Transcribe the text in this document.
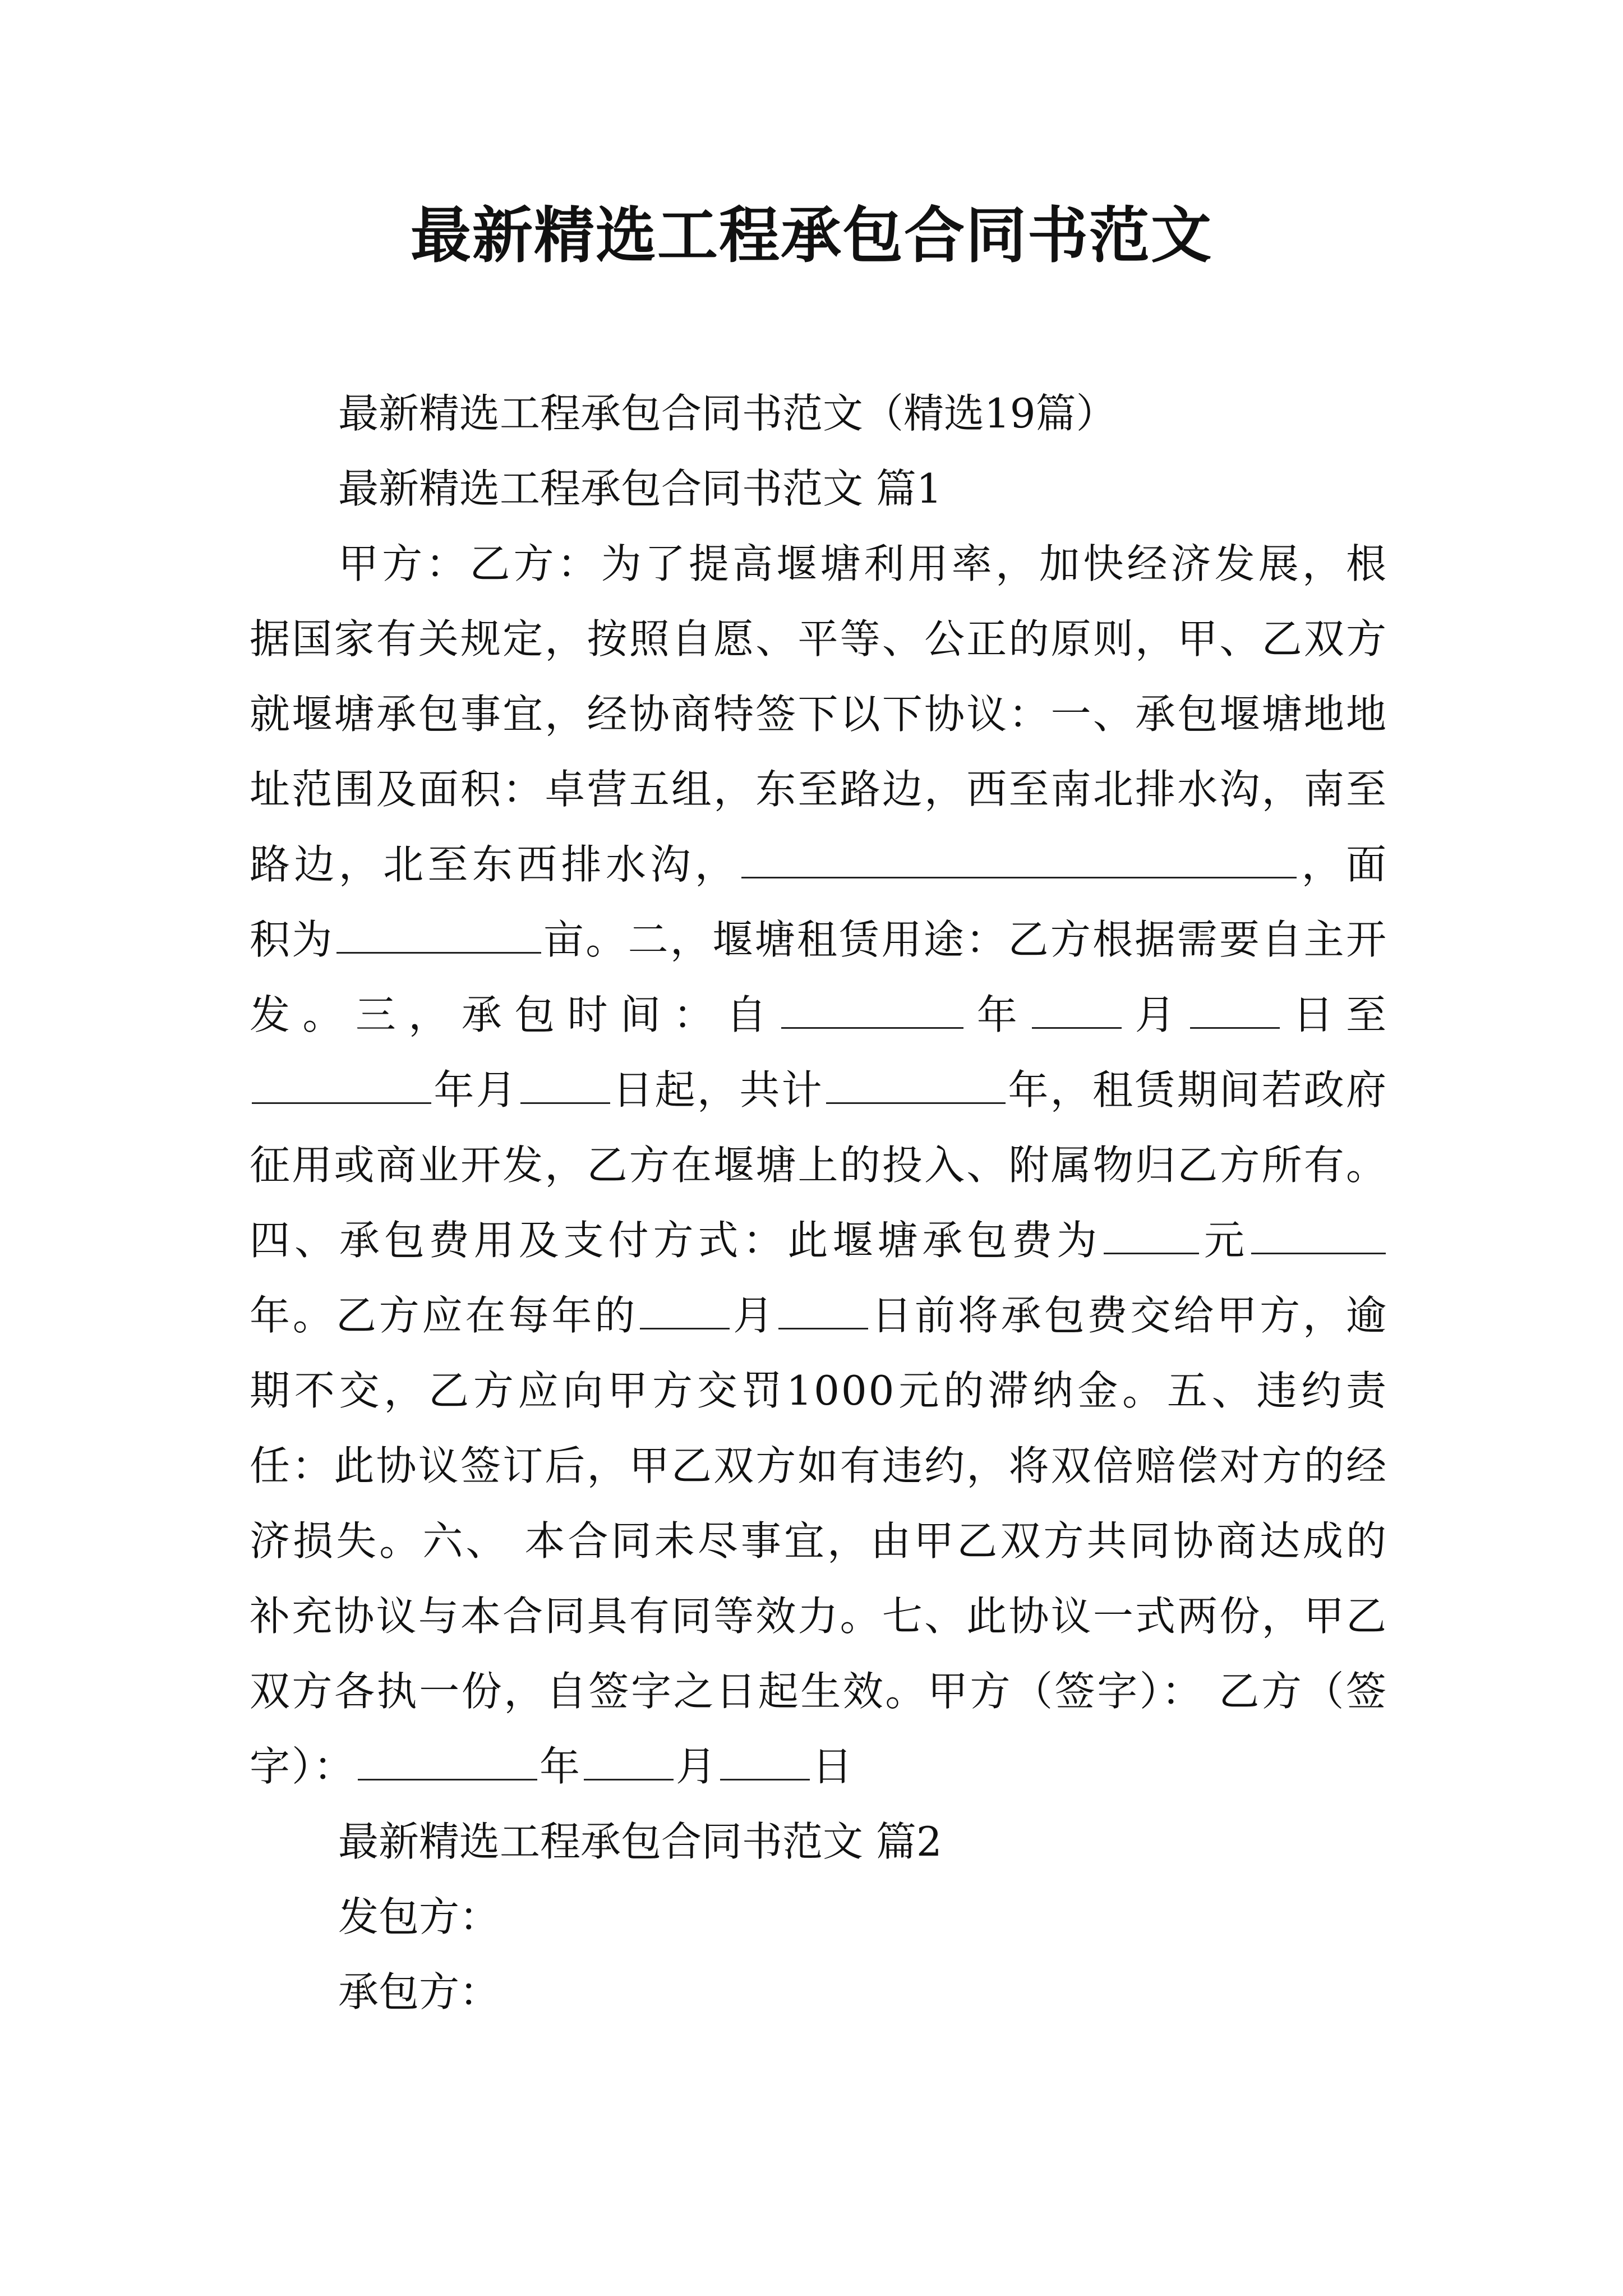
最新精选工程承包合同书范文

最新精选工程承包合同书范文（精选19篇）

最新精选工程承包合同书范文 篇1

甲方：乙方：为了提高堰塘利用率，加快经济发展，根据国家有关规定，按照自愿、平等、公正的原则，甲、乙双方就堰塘承包事宜，经协商特签下以下协议：一、承包堰塘地地址范围及面积：卓营五组，东至路边，西至南北排水沟，南至路边，北至东西排水沟，	，面积为	亩。二，堰塘租赁用途：乙方根据需要自主开发。三，承包时间：自	年 月 日至年月 日起，共计	年，租赁期间若政府征用或商业开发，乙方在堰塘上的投入、附属物归乙方所有。四、承包费用及支付方式：此堰塘承包费为 元年。乙方应在每年的 月 日前将承包费交给甲方，逾期不交，乙方应向甲方交罚1000元的滞纳金。五、违约责任：此协议签订后，甲乙双方如有违约，将双倍赔偿对方的经济损失。六、 本合同未尽事宜，由甲乙双方共同协商达成的补充协议与本合同具有同等效力。七、此协议一式两份，甲乙双方各执一份，自签字之日起生效。甲方（签字）： 乙方（签字）：	年 月 日

最新精选工程承包合同书范文 篇2

发包方：

承包方：
